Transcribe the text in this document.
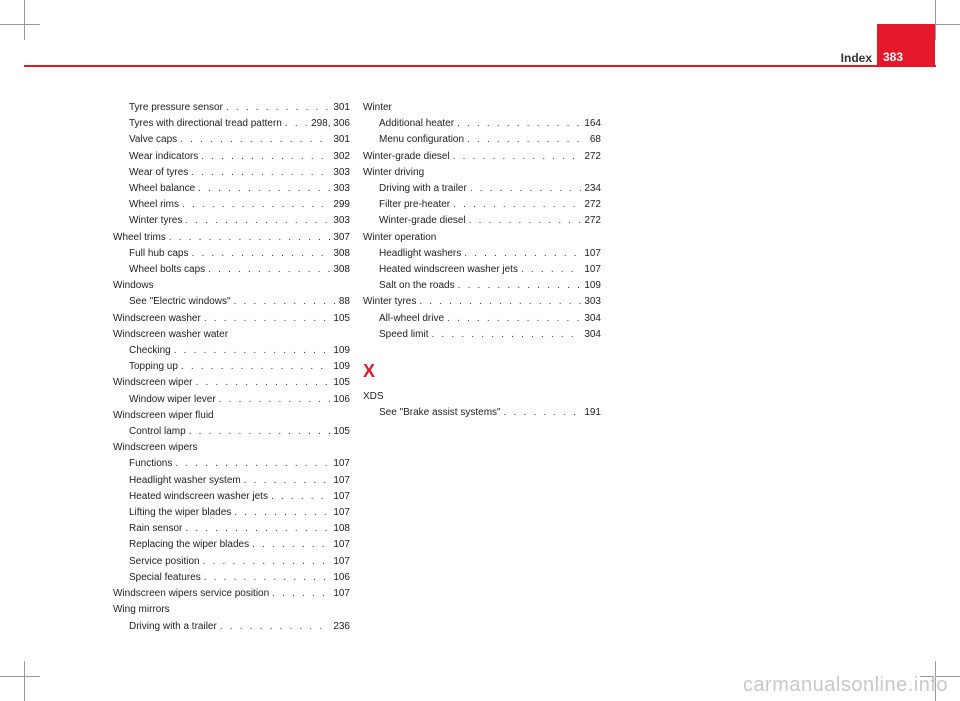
Index 383
Tyre pressure sensor . . .	301
Tyres with directional tread pattern . . .	298, 306
Valve caps . . .	301
Wear indicators . . .	302
Wear of tyres . . .	303
Wheel balance . . .	303
Wheel rims . . .	299
Winter tyres . . .	303
Wheel trims . . .	307
Full hub caps . . .	308
Wheel bolts caps . . .	308
Windows
See "Electric windows" . . .	88
Windscreen washer . . .	105
Windscreen washer water
Checking . . .	109
Topping up . . .	109
Windscreen wiper . . .	105
Window wiper lever . . .	106
Windscreen wiper fluid
Control lamp . . .	105
Windscreen wipers
Functions . . .	107
Headlight washer system . . .	107
Heated windscreen washer jets . . .	107
Lifting the wiper blades . . .	107
Rain sensor . . .	108
Replacing the wiper blades . . .	107
Service position . . .	107
Special features . . .	106
Windscreen wipers service position . . .	107
Wing mirrors
Driving with a trailer . . .	236
Winter
Additional heater . . .	164
Menu configuration . . .	68
Winter-grade diesel . . .	272
Winter driving
Driving with a trailer . . .	234
Filter pre-heater . . .	272
Winter-grade diesel . . .	272
Winter operation
Headlight washers . . .	107
Heated windscreen washer jets . . .	107
Salt on the roads . . .	109
Winter tyres . . .	303
All-wheel drive . . .	304
Speed limit . . .	304
X
XDS
See "Brake assist systems" . . .	191
carmanualsonline.info
